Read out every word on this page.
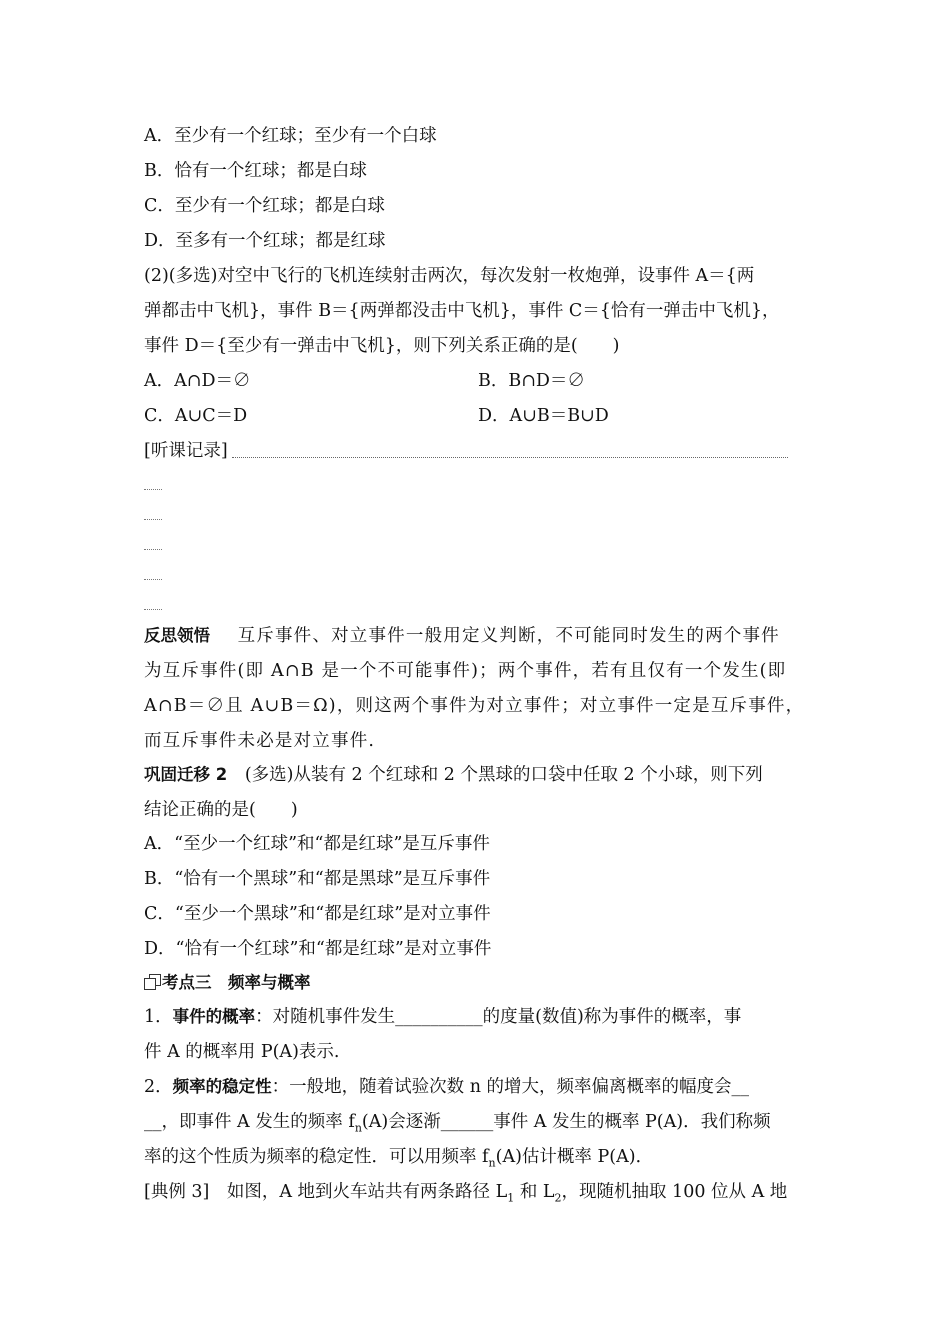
A．至少有一个红球；至少有一个白球
B．恰有一个红球；都是白球
C．至少有一个红球；都是白球
D．至多有一个红球；都是红球
(2)(多选)对空中飞行的飞机连续射击两次，每次发射一枚炮弹，设事件 A＝{两
弹都击中飞机}，事件 B＝{两弹都没击中飞机}，事件 C＝{恰有一弹击中飞机}，
事件 D＝{至少有一弹击中飞机}，则下列关系正确的是(　　)
A．A∩D＝∅	B．B∩D＝∅
C．A∪C＝D	D．A∪B＝B∪D
[听课记录]
反思领悟 互斥事件、对立事件一般用定义判断，不可能同时发生的两个事件
为互斥事件(即 A∩B 是一个不可能事件)；两个事件，若有且仅有一个发生(即
A∩B＝∅且 A∪B＝Ω)，则这两个事件为对立事件；对立事件一定是互斥事件，
而互斥事件未必是对立事件.
巩固迁移 2 (多选)从装有 2 个红球和 2 个黑球的口袋中任取 2 个小球，则下列
结论正确的是(　　)
A．“至少一个红球”和“都是红球”是互斥事件
B．“恰有一个黑球”和“都是黑球”是互斥事件
C．“至少一个黑球”和“都是红球”是对立事件
D．“恰有一个红球”和“都是红球”是对立事件
考点三　频率与概率
1．事件的概率：对随机事件发生__________的度量(数值)称为事件的概率，事
件 A 的概率用 P(A)表示.
2．频率的稳定性：一般地，随着试验次数 n 的增大，频率偏离概率的幅度会__
__，即事件 A 发生的频率 $f_n(A)$会逐渐______事件 A 发生的概率 P(A)．我们称频
率的这个性质为频率的稳定性．可以用频率 $f_n(A)$估计概率 P(A)．
[典例 3]　如图，A 地到火车站共有两条路径 $L_1$ 和 $L_2$，现随机抽取 100 位从 A 地
